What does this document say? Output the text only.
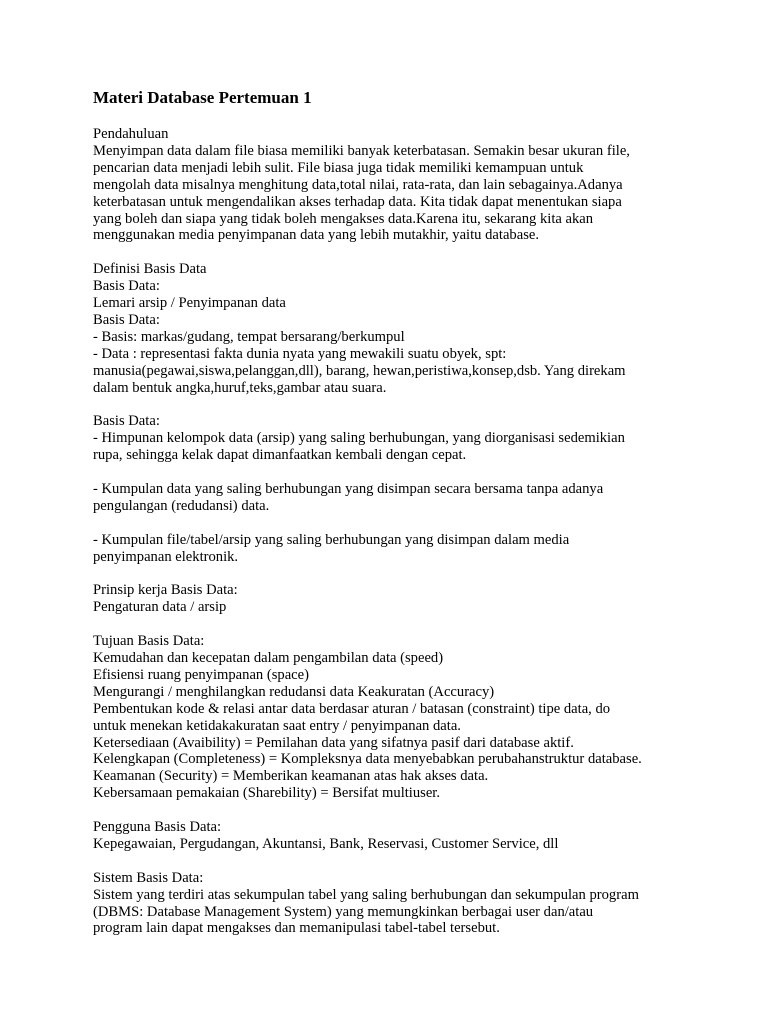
Materi Database Pertemuan 1
Pendahuluan
Menyimpan data dalam file biasa memiliki banyak keterbatasan. Semakin besar ukuran file,
pencarian data menjadi lebih sulit. File biasa juga tidak memiliki kemampuan untuk
mengolah data misalnya menghitung data,total nilai, rata-rata, dan lain sebagainya.Adanya
keterbatasan untuk mengendalikan akses terhadap data. Kita tidak dapat menentukan siapa
yang boleh dan siapa yang tidak boleh mengakses data.Karena itu, sekarang kita akan
menggunakan media penyimpanan data yang lebih mutakhir, yaitu database.
Definisi Basis Data
Basis Data:
Lemari arsip / Penyimpanan data
Basis Data:
- Basis: markas/gudang, tempat bersarang/berkumpul
- Data : representasi fakta dunia nyata yang mewakili suatu obyek, spt:
manusia(pegawai,siswa,pelanggan,dll), barang, hewan,peristiwa,konsep,dsb. Yang direkam
dalam bentuk angka,huruf,teks,gambar atau suara.
Basis Data:
- Himpunan kelompok data (arsip) yang saling berhubungan, yang diorganisasi sedemikian
rupa, sehingga kelak dapat dimanfaatkan kembali dengan cepat.
- Kumpulan data yang saling berhubungan yang disimpan secara bersama tanpa adanya
pengulangan (redudansi) data.
- Kumpulan file/tabel/arsip yang saling berhubungan yang disimpan dalam media
penyimpanan elektronik.
Prinsip kerja Basis Data:
Pengaturan data / arsip
Tujuan Basis Data:
Kemudahan dan kecepatan dalam pengambilan data (speed)
Efisiensi ruang penyimpanan (space)
Mengurangi / menghilangkan redudansi data Keakuratan (Accuracy)
Pembentukan kode & relasi antar data berdasar aturan / batasan (constraint) tipe data, do
untuk menekan ketidakakuratan saat entry / penyimpanan data.
Ketersediaan (Avaibility) = Pemilahan data yang sifatnya pasif dari database aktif.
Kelengkapan (Completeness) = Kompleksnya data menyebabkan perubahanstruktur database.
Keamanan (Security) = Memberikan keamanan atas hak akses data.
Kebersamaan pemakaian (Sharebility) = Bersifat multiuser.
Pengguna Basis Data:
Kepegawaian, Pergudangan, Akuntansi, Bank, Reservasi, Customer Service, dll
Sistem Basis Data:
Sistem yang terdiri atas sekumpulan tabel yang saling berhubungan dan sekumpulan program
(DBMS: Database Management System) yang memungkinkan berbagai user dan/atau
program lain dapat mengakses dan memanipulasi tabel-tabel tersebut.
